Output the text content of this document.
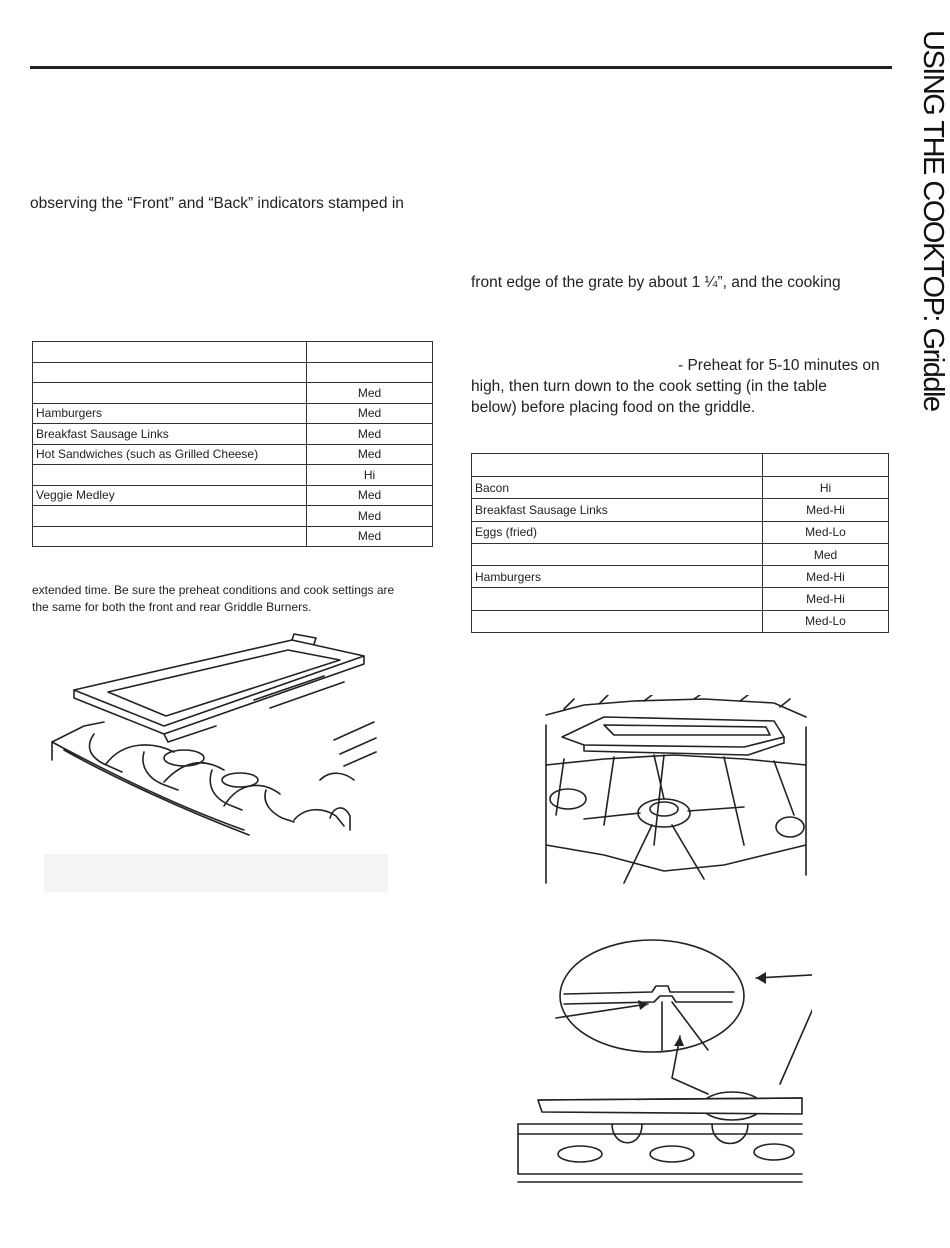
USING THE COOKTOP: Griddle
observing the “Front” and “Back” indicators stamped in

	Med
Hamburgers	Med
Breakfast Sausage Links	Med
Hot Sandwiches (such as Grilled Cheese)	Med
	Hi
Veggie Medley	Med
	Med
	Med
extended time. Be sure the preheat conditions and cook settings are
the same for both the front and rear Griddle Burners.
front edge of the grate by about 1 ¼”, and the cooking
- Preheat for 5-10 minutes on
high, then turn down to the cook setting (in the table
below) before placing food on the griddle.

Bacon	Hi
Breakfast Sausage Links	Med-Hi
Eggs (fried)	Med-Lo
	Med
Hamburgers	Med-Hi
	Med-Hi
	Med-Lo
